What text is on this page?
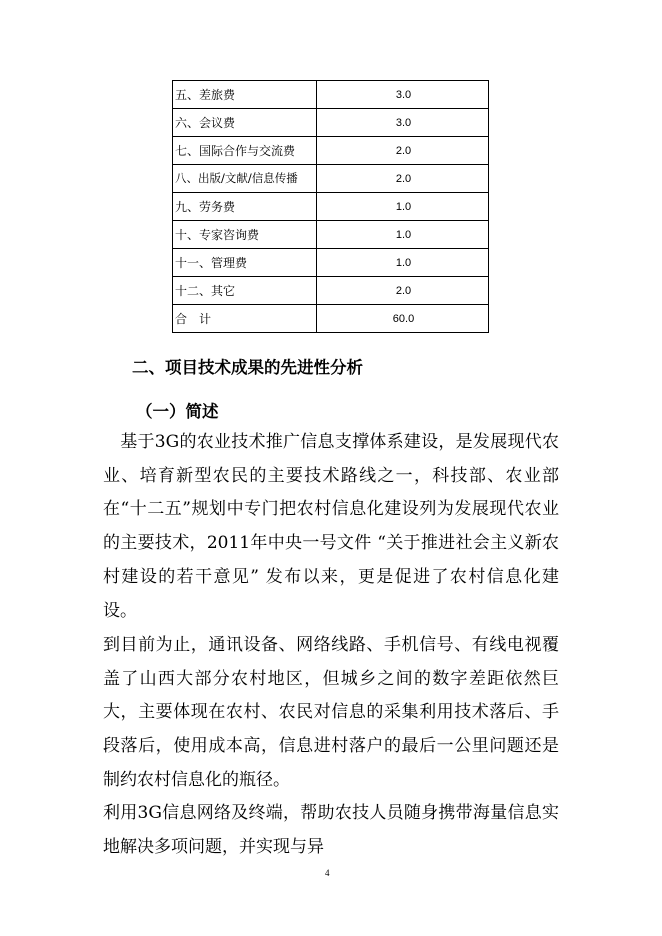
五、差旅费	3.0
六、会议费	3.0
七、国际合作与交流费	2.0
八、出版/文献/信息传播	2.0
九、劳务费	1.0
十、专家咨询费	1.0
十一、管理费	1.0
十二、其它	2.0
合　计	60.0
二、项目技术成果的先进性分析
（一）简述

　基于3G的农业技术推广信息支撑体系建设，是发展现代农业、培育新型农民的主要技术路线之一，科技部、农业部在“十二五”规划中专门把农村信息化建设列为发展现代农业的主要技术，2011年中央一号文件 “关于推进社会主义新农村建设的若干意见” 发布以来，更是促进了农村信息化建设。

到目前为止，通讯设备、网络线路、手机信号、有线电视覆盖了山西大部分农村地区，但城乡之间的数字差距依然巨大，主要体现在农村、农民对信息的采集利用技术落后、手段落后，使用成本高，信息进村落户的最后一公里问题还是制约农村信息化的瓶径。

利用3G信息网络及终端，帮助农技人员随身携带海量信息实地解决多项问题，并实现与异

4
